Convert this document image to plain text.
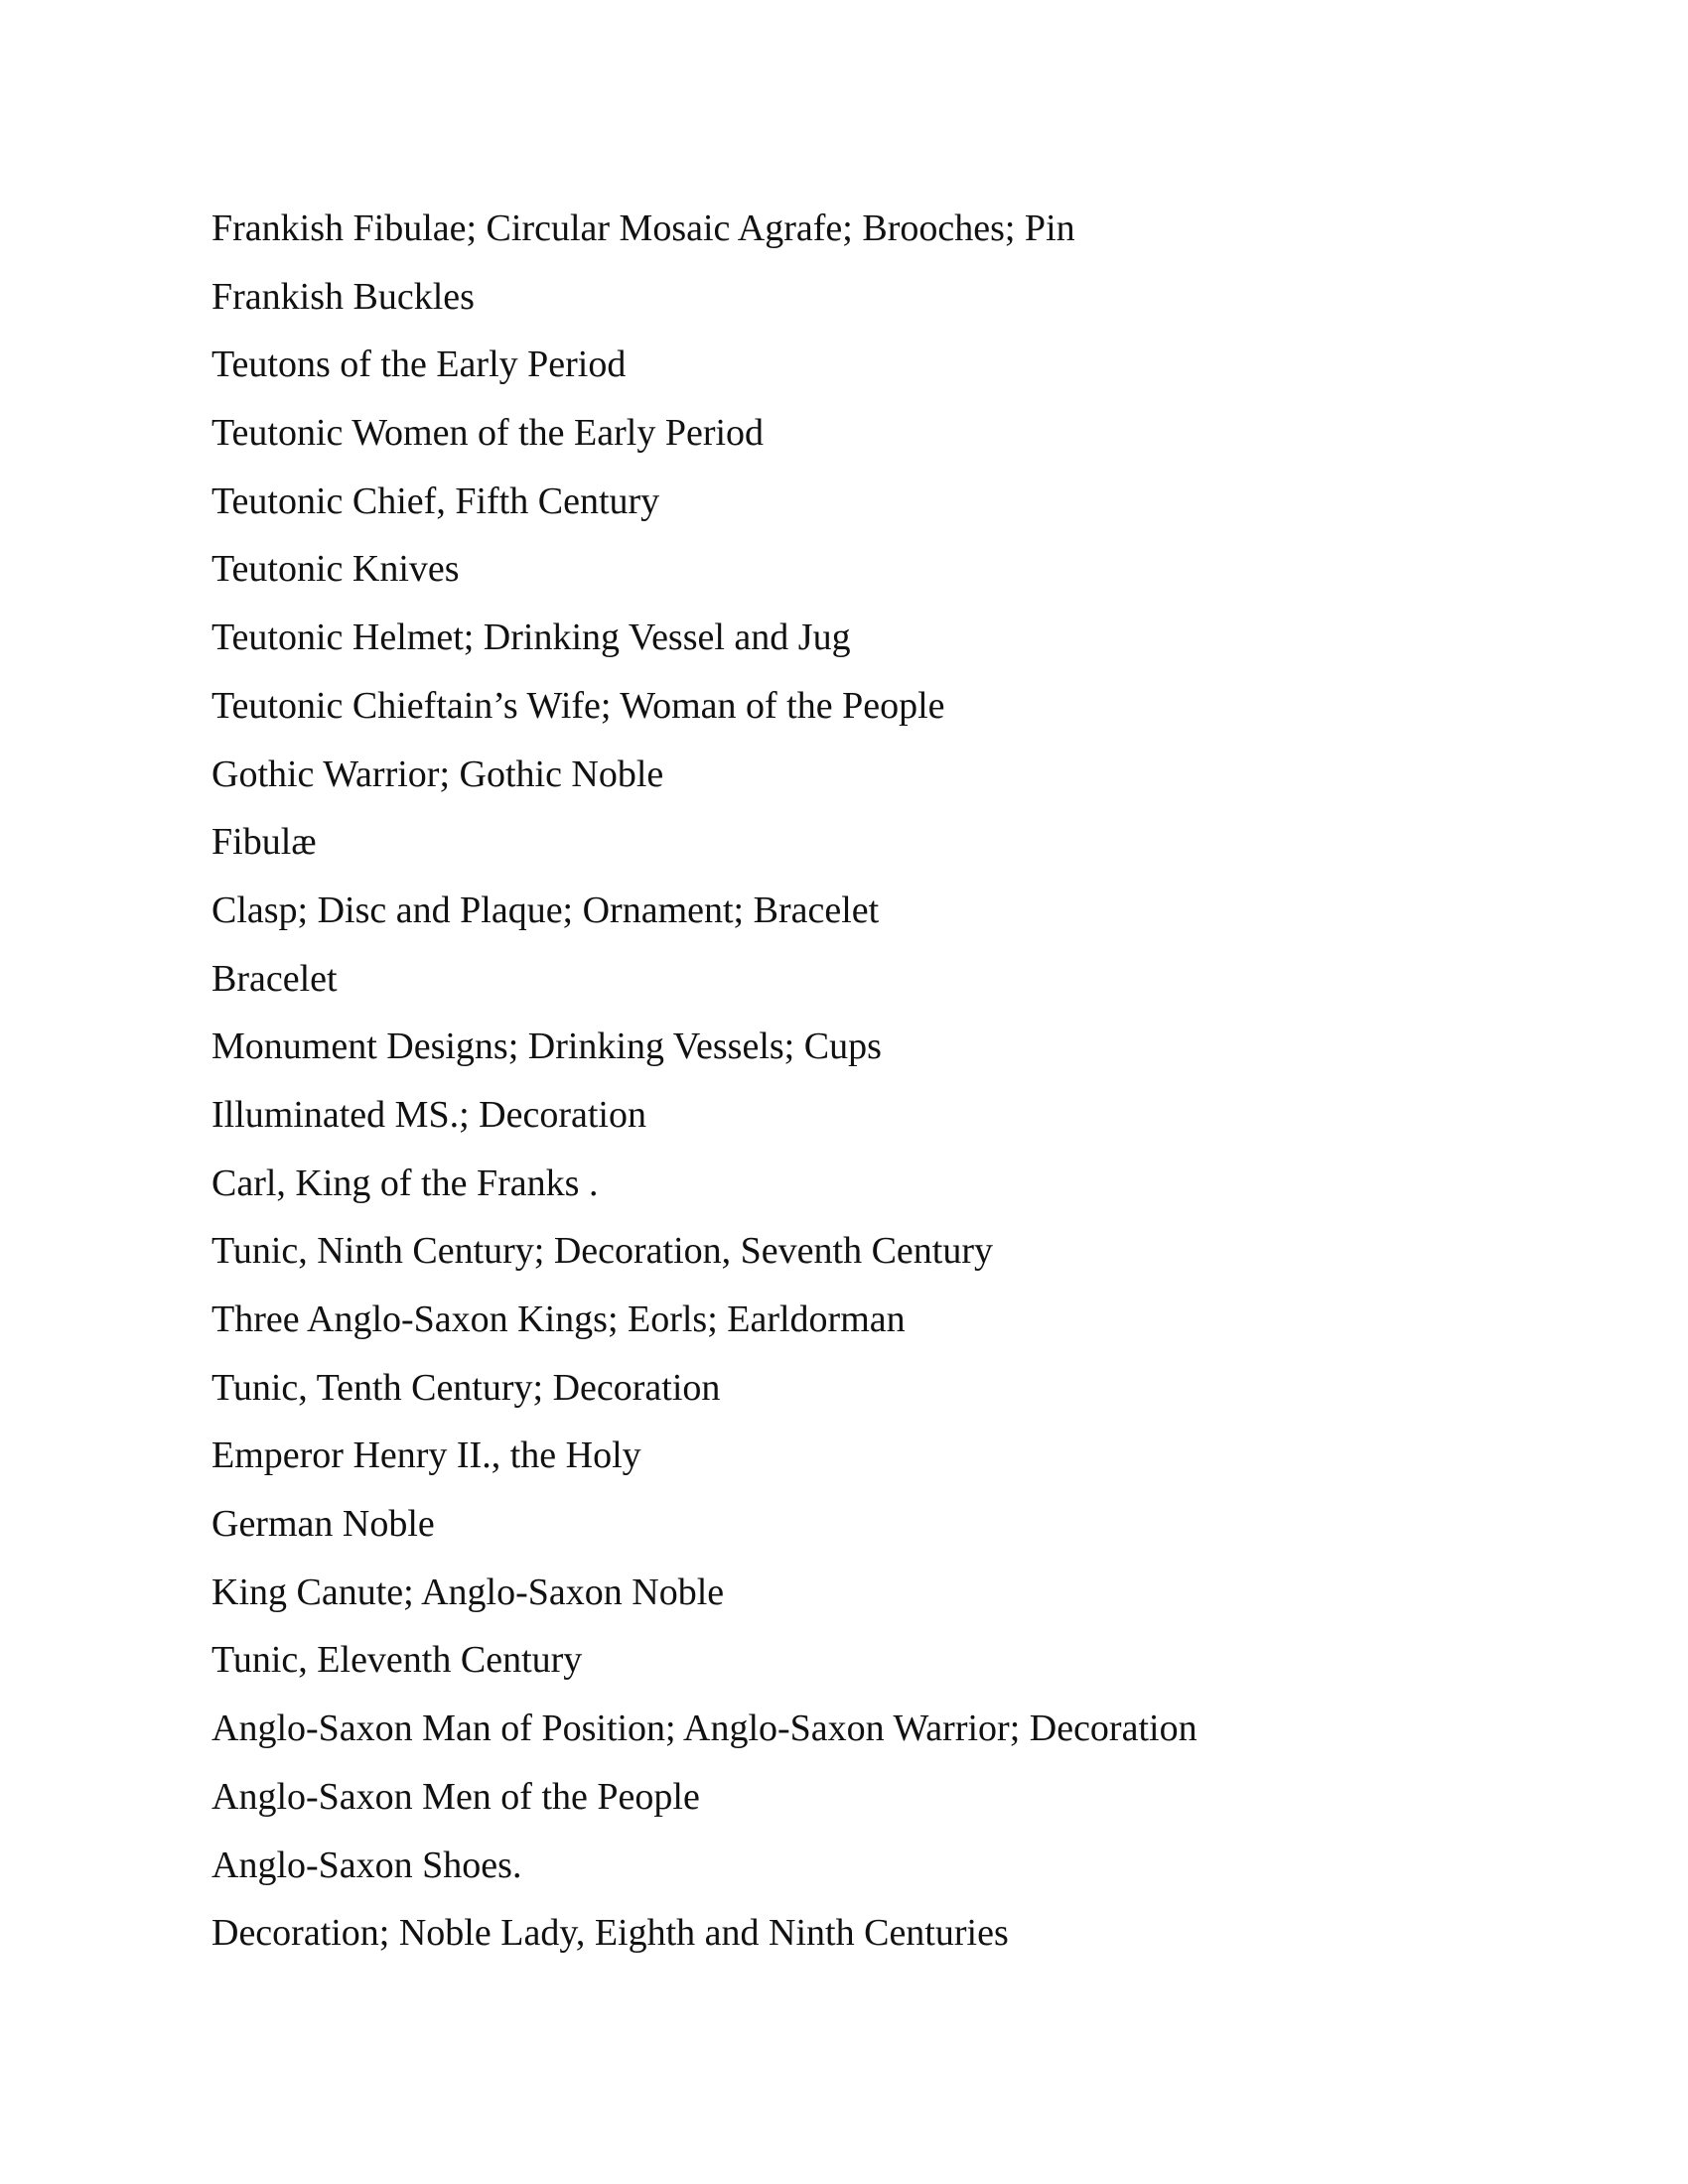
Frankish Fibulae; Circular Mosaic Agrafe; Brooches; Pin
Frankish Buckles
Teutons of the Early Period
Teutonic Women of the Early Period
Teutonic Chief, Fifth Century
Teutonic Knives
Teutonic Helmet; Drinking Vessel and Jug
Teutonic Chieftain’s Wife; Woman of the People
Gothic Warrior; Gothic Noble
Fibulæ
Clasp; Disc and Plaque; Ornament; Bracelet
Bracelet
Monument Designs; Drinking Vessels; Cups
Illuminated MS.; Decoration
Carl, King of the Franks .
Tunic, Ninth Century; Decoration, Seventh Century
Three Anglo-Saxon Kings; Eorls; Earldorman
Tunic, Tenth Century; Decoration
Emperor Henry II., the Holy
German Noble
King Canute; Anglo-Saxon Noble
Tunic, Eleventh Century
Anglo-Saxon Man of Position; Anglo-Saxon Warrior; Decoration
Anglo-Saxon Men of the People
Anglo-Saxon Shoes.
Decoration; Noble Lady, Eighth and Ninth Centuries
